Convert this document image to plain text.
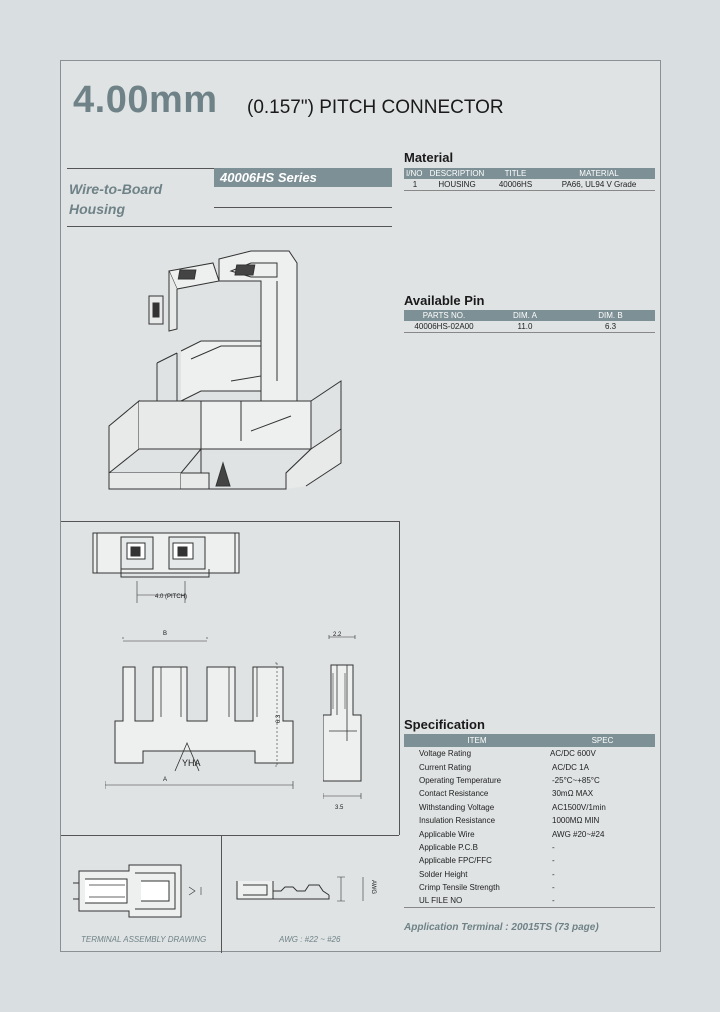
4.00mm (0.157") PITCH CONNECTOR
40006HS Series
Wire-to-Board
Housing
Material
I/NO	DESCRIPTION	TITLE	MATERIAL
1	HOUSING	40006HS	PA66, UL94 V Grade
Available Pin
PARTS NO.	DIM. A	DIM. B
40006HS-02A00	11.0	6.3
4.0 (PITCH)
B
A
YHA
6.3
2.2
3.5
TERMINAL ASSEMBLY DRAWING
AWG
AWG : #22 ~ #26
Specification
ITEM	SPEC
Voltage Rating	AC/DC 600V
Current Rating	AC/DC 1A
Operating Temperature	-25°C~+85°C
Contact Resistance	30mΩ MAX
Withstanding Voltage	AC1500V/1min
Insulation Resistance	1000MΩ MIN
Applicable Wire	AWG #20~#24
Applicable P.C.B	-
Applicable FPC/FFC	-
Solder Height	-
Crimp Tensile Strength	-
UL FILE NO	-
Application Terminal : 20015TS (73 page)
